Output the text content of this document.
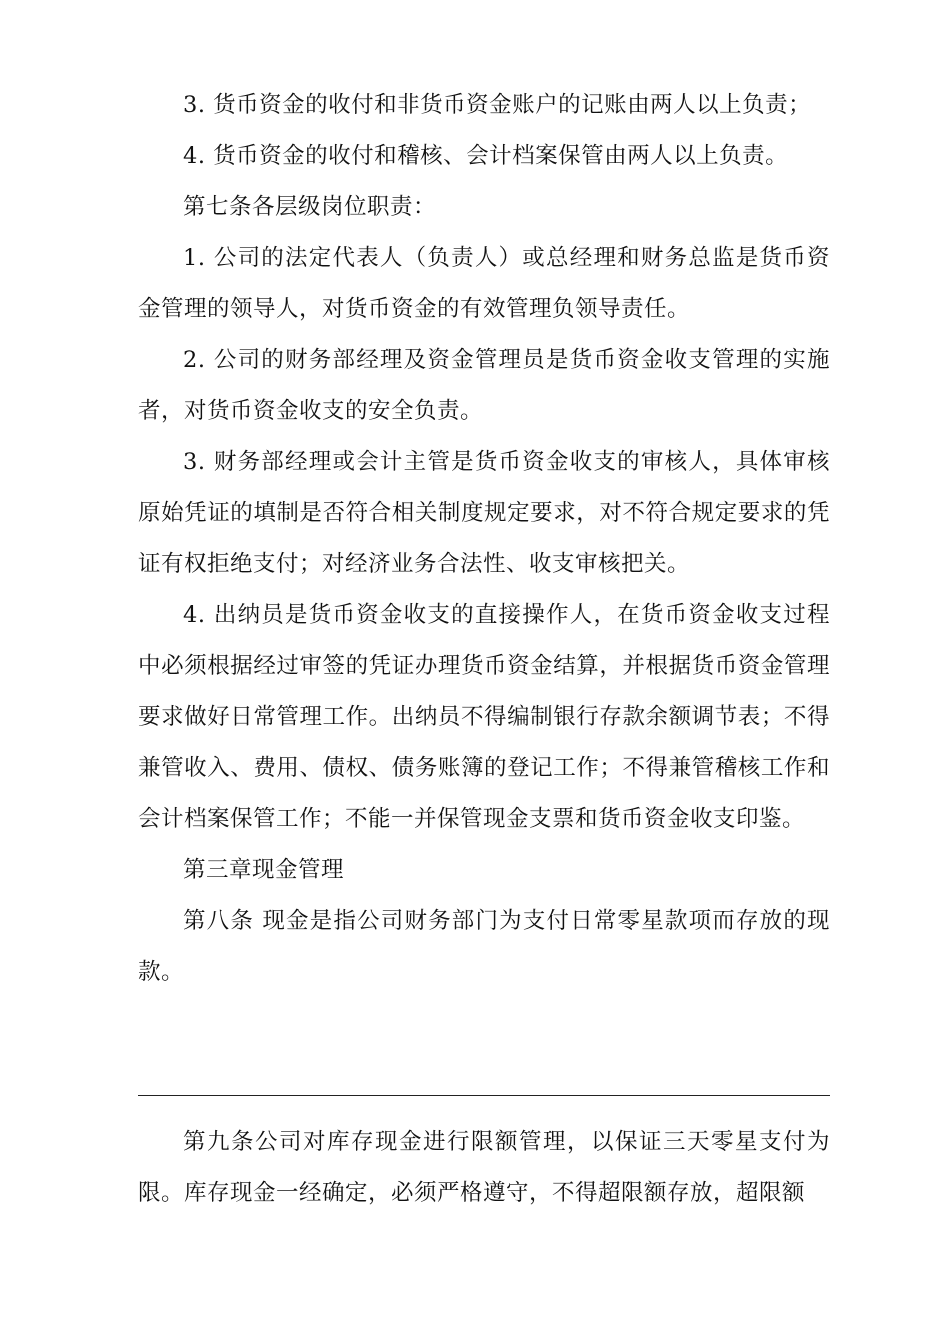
3. 货币资金的收付和非货币资金账户的记账由两人以上负责；

4. 货币资金的收付和稽核、会计档案保管由两人以上负责。

第七条各层级岗位职责：

1. 公司的法定代表人（负责人）或总经理和财务总监是货币资金管理的领导人，对货币资金的有效管理负领导责任。

2. 公司的财务部经理及资金管理员是货币资金收支管理的实施者，对货币资金收支的安全负责。

3. 财务部经理或会计主管是货币资金收支的审核人，具体审核原始凭证的填制是否符合相关制度规定要求，对不符合规定要求的凭证有权拒绝支付；对经济业务合法性、收支审核把关。

4. 出纳员是货币资金收支的直接操作人，在货币资金收支过程中必须根据经过审签的凭证办理货币资金结算，并根据货币资金管理要求做好日常管理工作。出纳员不得编制银行存款余额调节表；不得兼管收入、费用、债权、债务账簿的登记工作；不得兼管稽核工作和会计档案保管工作；不能一并保管现金支票和货币资金收支印鉴。

第三章现金管理

第八条 现金是指公司财务部门为支付日常零星款项而存放的现款。

第九条公司对库存现金进行限额管理，以保证三天零星支付为限。库存现金一经确定，必须严格遵守，不得超限额存放，超限额
